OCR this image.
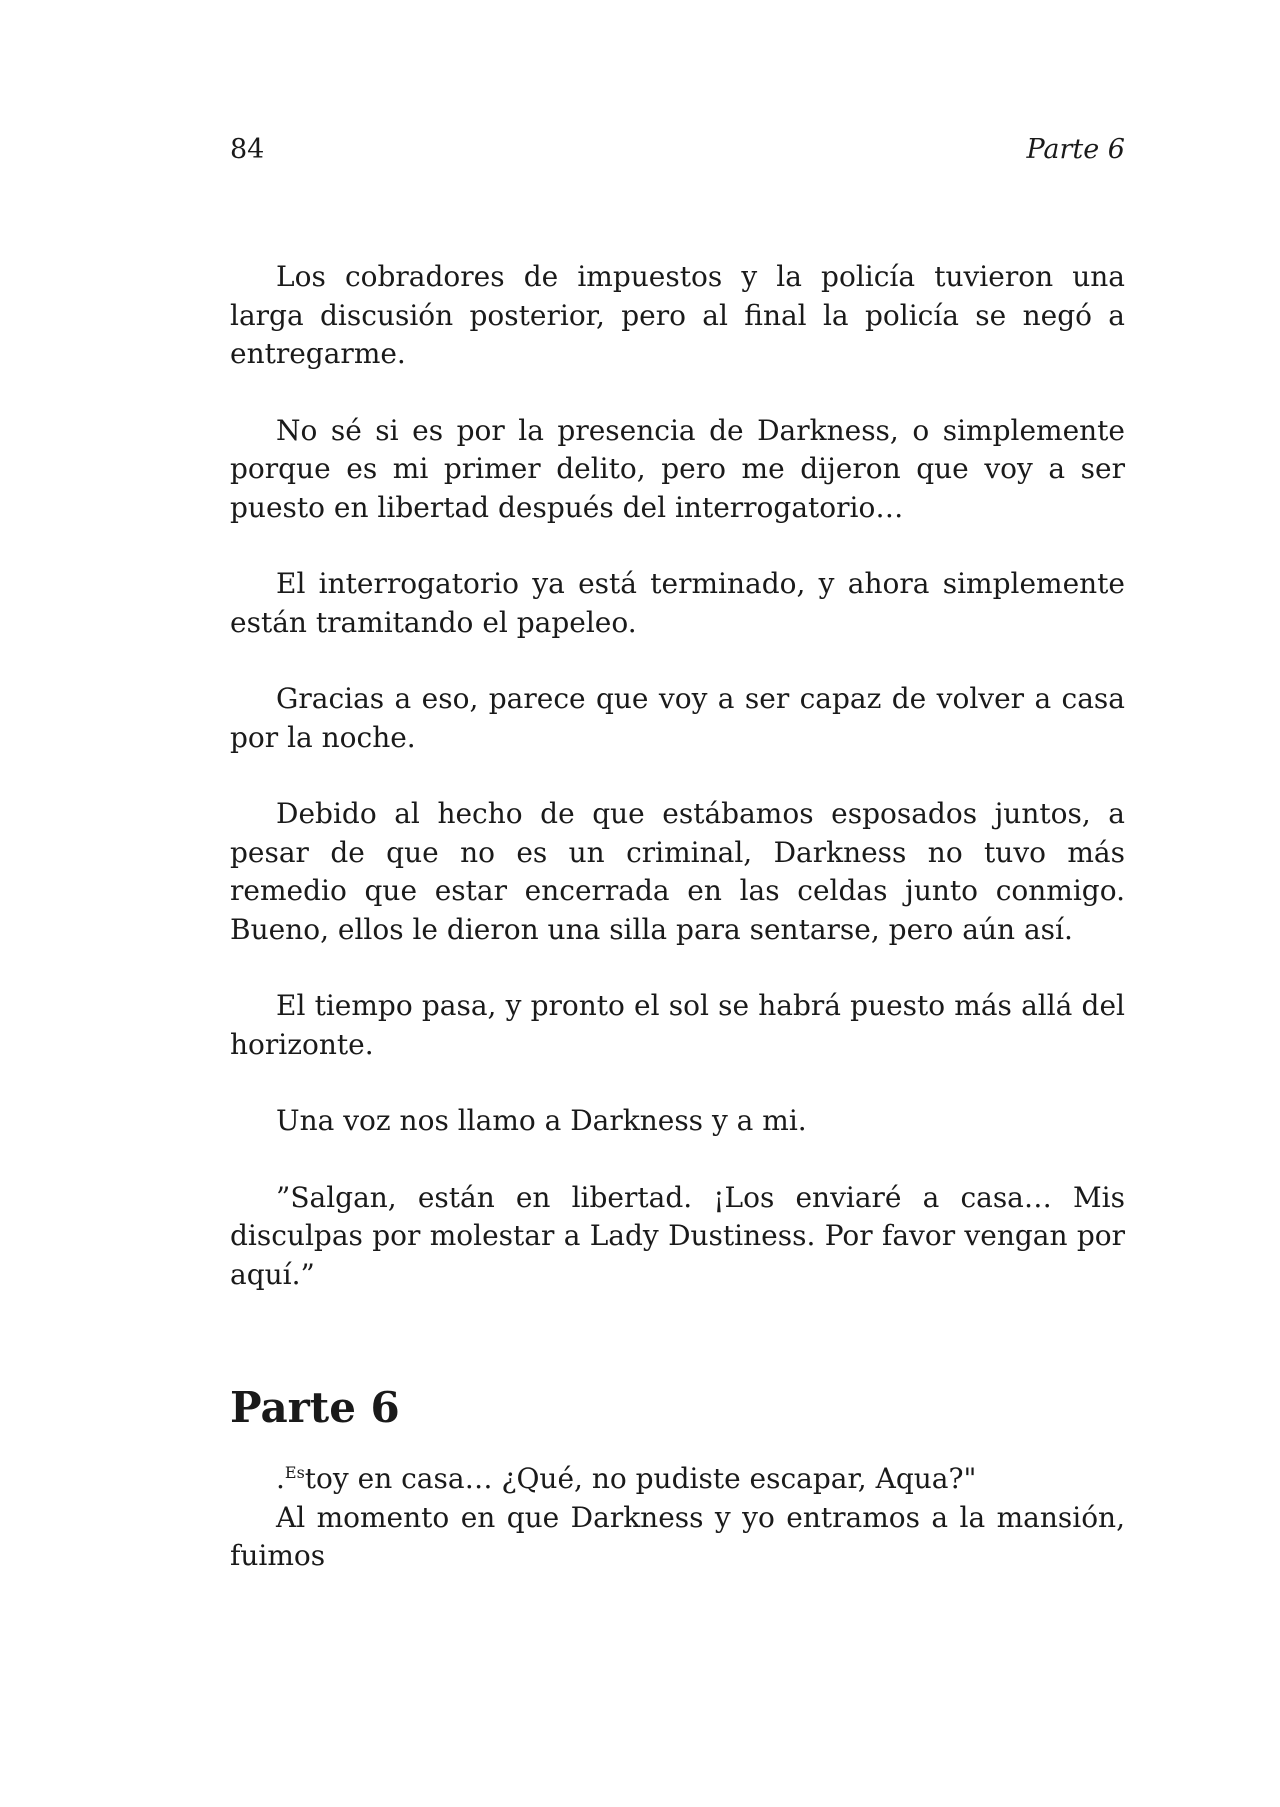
84	Parte 6

Los cobradores de impuestos y la policía tuvieron una larga discusión posterior, pero al final la policía se negó a entregarme.

No sé si es por la presencia de Darkness, o simplemente porque es mi primer delito, pero me dijeron que voy a ser puesto en libertad después del interrogatorio…

El interrogatorio ya está terminado, y ahora simplemente están tramitando el papeleo.

Gracias a eso, parece que voy a ser capaz de volver a casa por la noche.

Debido al hecho de que estábamos esposados juntos, a pesar de que no es un criminal, Darkness no tuvo más remedio que estar encerrada en las celdas junto conmigo. Bueno, ellos le dieron una silla para sentarse, pero aún así.

El tiempo pasa, y pronto el sol se habrá puesto más allá del horizonte.

Una voz nos llamo a Darkness y a mi.

”Salgan, están en libertad. ¡Los enviaré a casa… Mis disculpas por molestar a Lady Dustiness. Por favor vengan por aquí.”

Parte 6

.$^{Es}$toy en casa… ¿Qué, no pudiste escapar, Aqua?"

Al momento en que Darkness y yo entramos a la mansión, fuimos
